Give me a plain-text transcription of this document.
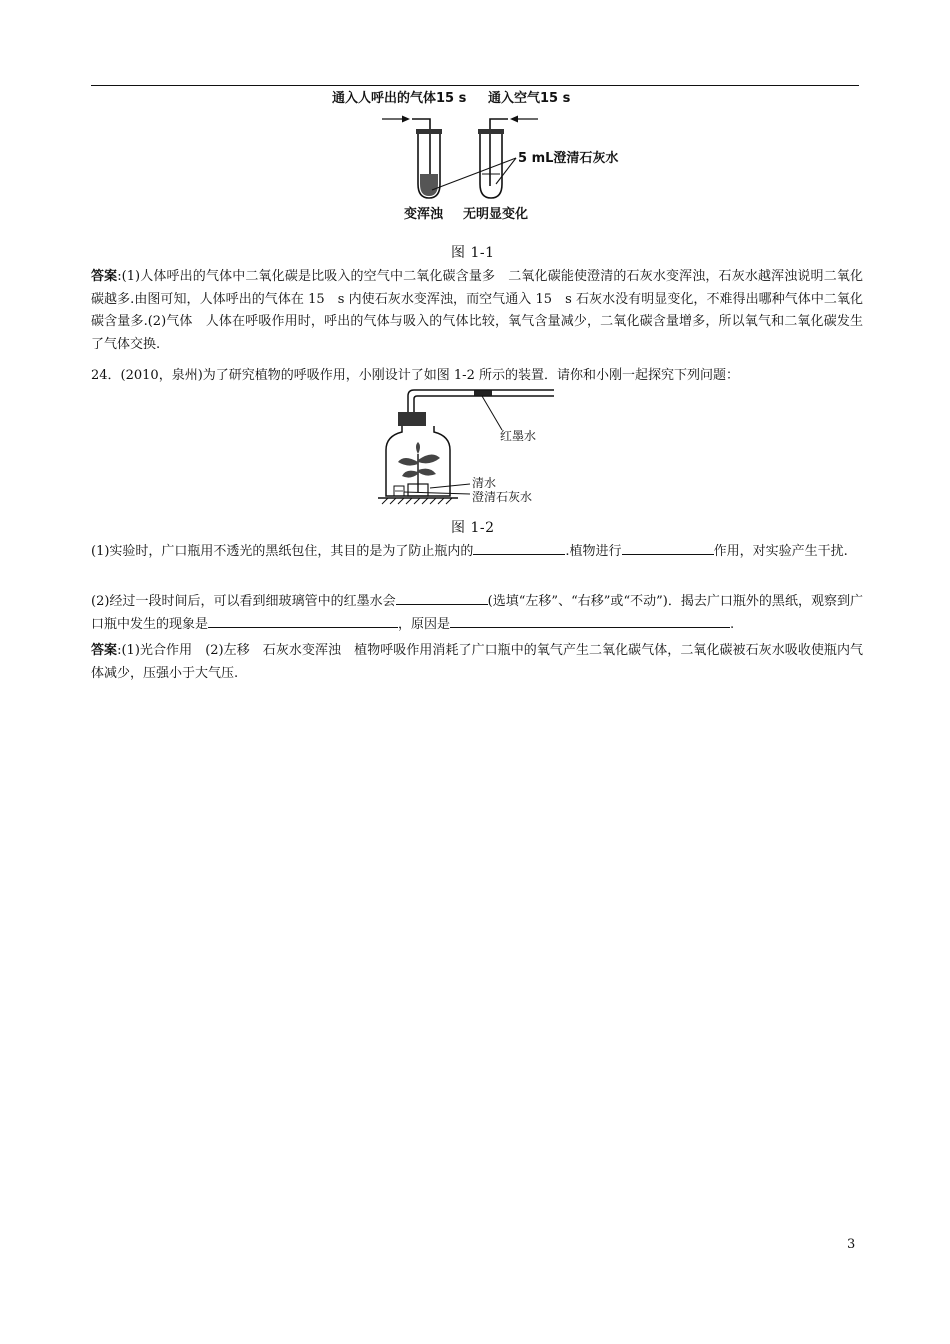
通入人呼出的气体15 s 通入空气15 s
5 mL澄清石灰水
变浑浊 无明显变化
图 1-1
答案:(1)人体呼出的气体中二氧化碳是比吸入的空气中二氧化碳含量多　二氧化碳能使澄清的石灰水变浑浊，石灰水越浑浊说明二氧化碳越多.由图可知，人体呼出的气体在 15　s 内使石灰水变浑浊，而空气通入 15　s 石灰水没有明显变化，不难得出哪种气体中二氧化碳含量多.(2)气体　人体在呼吸作用时，呼出的气体与吸入的气体比较，氧气含量减少，二氧化碳含量增多，所以氧气和二氧化碳发生了气体交换.
24．(2010，泉州)为了研究植物的呼吸作用，小刚设计了如图 1-2 所示的装置．请你和小刚一起探究下列问题：
红墨水
清水
澄清石灰水
图 1-2
(1)实验时，广口瓶用不透光的黑纸包住，其目的是为了防止瓶内的	.植物进行	作用，对实验产生干扰.
(2)经过一段时间后，可以看到细玻璃管中的红墨水会	(选填“左移”、“右移”或“不动”)．揭去广口瓶外的黑纸，观察到广口瓶中发生的现象是	，原因是	.
答案:(1)光合作用　(2)左移　石灰水变浑浊　植物呼吸作用消耗了广口瓶中的氧气产生二氧化碳气体，二氧化碳被石灰水吸收使瓶内气体减少，压强小于大气压.
3
